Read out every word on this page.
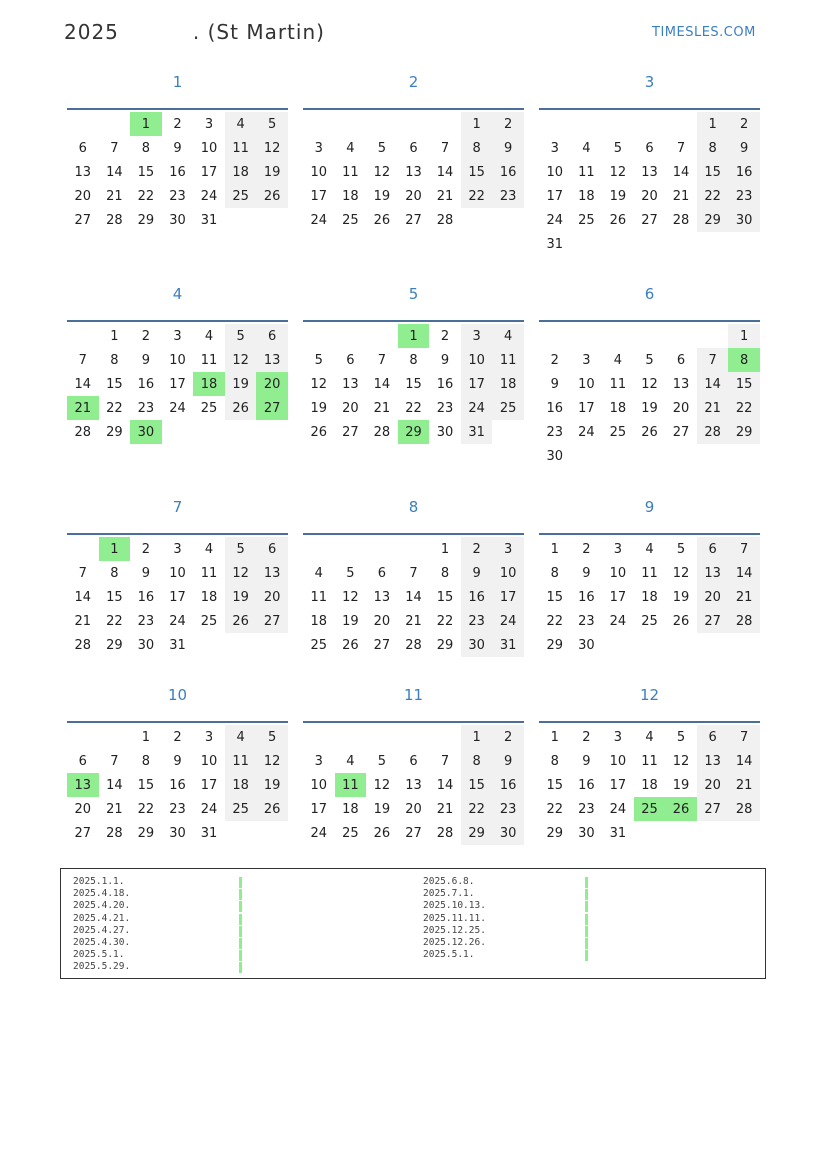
2025	. (St Martin)	TIMESLES.COM
1
		1	2	3	4	5
6	7	8	9	10	11	12
13	14	15	16	17	18	19
20	21	22	23	24	25	26
27	28	29	30	31		
2
					1	2
3	4	5	6	7	8	9
10	11	12	13	14	15	16
17	18	19	20	21	22	23
24	25	26	27	28		
3
					1	2
3	4	5	6	7	8	9
10	11	12	13	14	15	16
17	18	19	20	21	22	23
24	25	26	27	28	29	30
31						
4
	1	2	3	4	5	6
7	8	9	10	11	12	13
14	15	16	17	18	19	20
21	22	23	24	25	26	27
28	29	30				
5
			1	2	3	4
5	6	7	8	9	10	11
12	13	14	15	16	17	18
19	20	21	22	23	24	25
26	27	28	29	30	31	
6
						1
2	3	4	5	6	7	8
9	10	11	12	13	14	15
16	17	18	19	20	21	22
23	24	25	26	27	28	29
30						
7
	1	2	3	4	5	6
7	8	9	10	11	12	13
14	15	16	17	18	19	20
21	22	23	24	25	26	27
28	29	30	31			
8
				1	2	3
4	5	6	7	8	9	10
11	12	13	14	15	16	17
18	19	20	21	22	23	24
25	26	27	28	29	30	31
9
1	2	3	4	5	6	7
8	9	10	11	12	13	14
15	16	17	18	19	20	21
22	23	24	25	26	27	28
29	30					
10
		1	2	3	4	5
6	7	8	9	10	11	12
13	14	15	16	17	18	19
20	21	22	23	24	25	26
27	28	29	30	31		
11
					1	2
3	4	5	6	7	8	9
10	11	12	13	14	15	16
17	18	19	20	21	22	23
24	25	26	27	28	29	30
12
1	2	3	4	5	6	7
8	9	10	11	12	13	14
15	16	17	18	19	20	21
22	23	24	25	26	27	28
29	30	31				
2025.1.1.
2025.4.18.
2025.4.20.
2025.4.21.
2025.4.27.
2025.4.30.
2025.5.1.
2025.5.29.
2025.6.8.
2025.7.1.
2025.10.13.
2025.11.11.
2025.12.25.
2025.12.26.
2025.5.1.
